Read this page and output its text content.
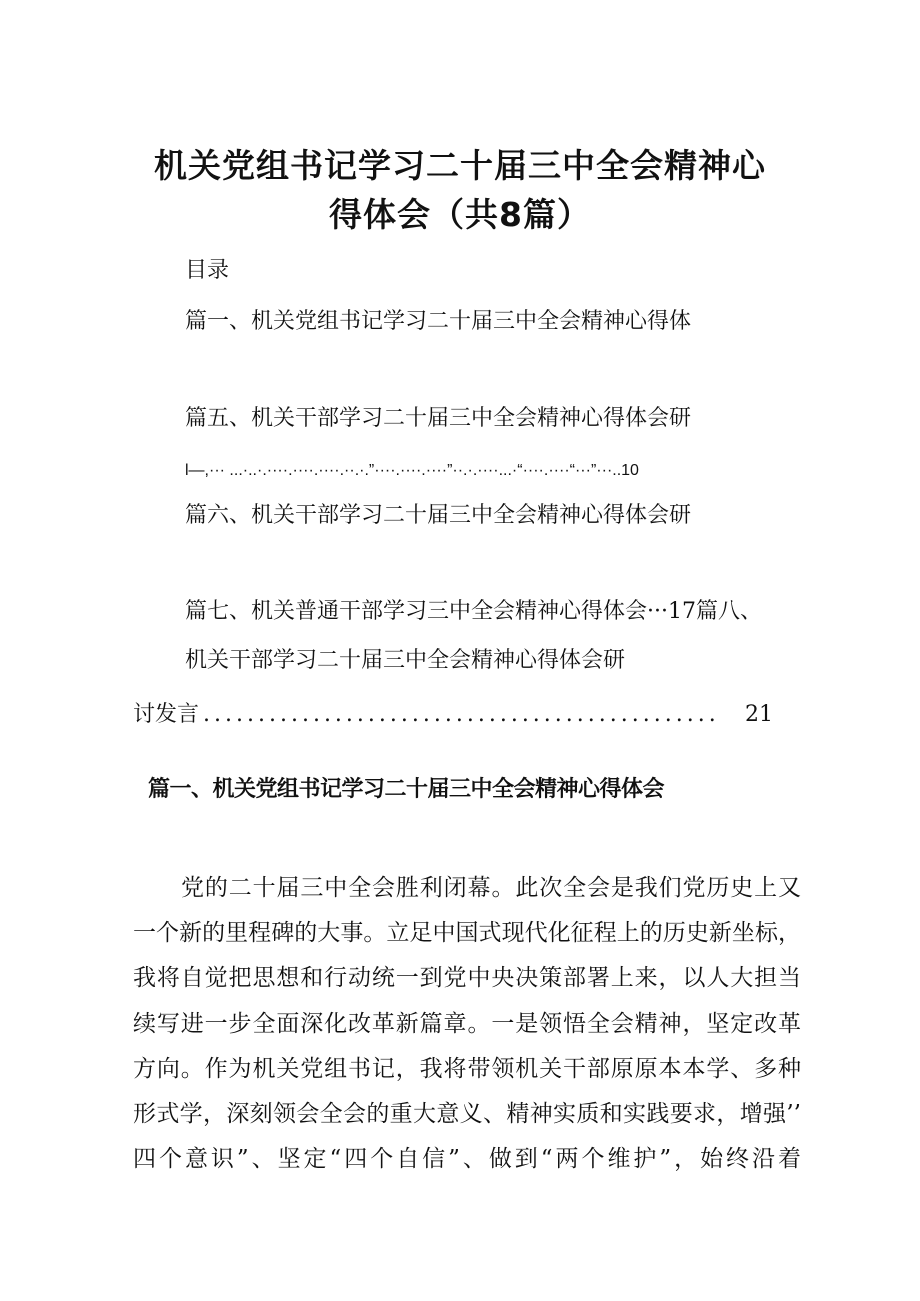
机关党组书记学习二十届三中全会精神心
得体会（共8篇）
目录
篇一、机关党组书记学习二十届三中全会精神心得体
篇五、机关干部学习二十届三中全会精神心得体会研
l—,··· ...·..·.····.····.····.··.·.”····.····.····”··.·.····...·“····.····“···”···..10
篇六、机关干部学习二十届三中全会精神心得体会研
篇七、机关普通干部学习三中全会精神心得体会···17篇八、
机关干部学习二十届三中全会精神心得体会研
讨发言 ...............................................	21
篇一、机关党组书记学习二十届三中全会精神心得体会
党的二十届三中全会胜利闭幕。此次全会是我们党历史上又
一个新的里程碑的大事。立足中国式现代化征程上的历史新坐标，
我将自觉把思想和行动统一到党中央决策部署上来，以人大担当
续写进一步全面深化改革新篇章。一是领悟全会精神，坚定改革
方向。作为机关党组书记，我将带领机关干部原原本本学、多种
形式学，深刻领会全会的重大意义、精神实质和实践要求，增强’’
四个意识”、坚定“四个自信”、做到“两个维护”，始终沿着
